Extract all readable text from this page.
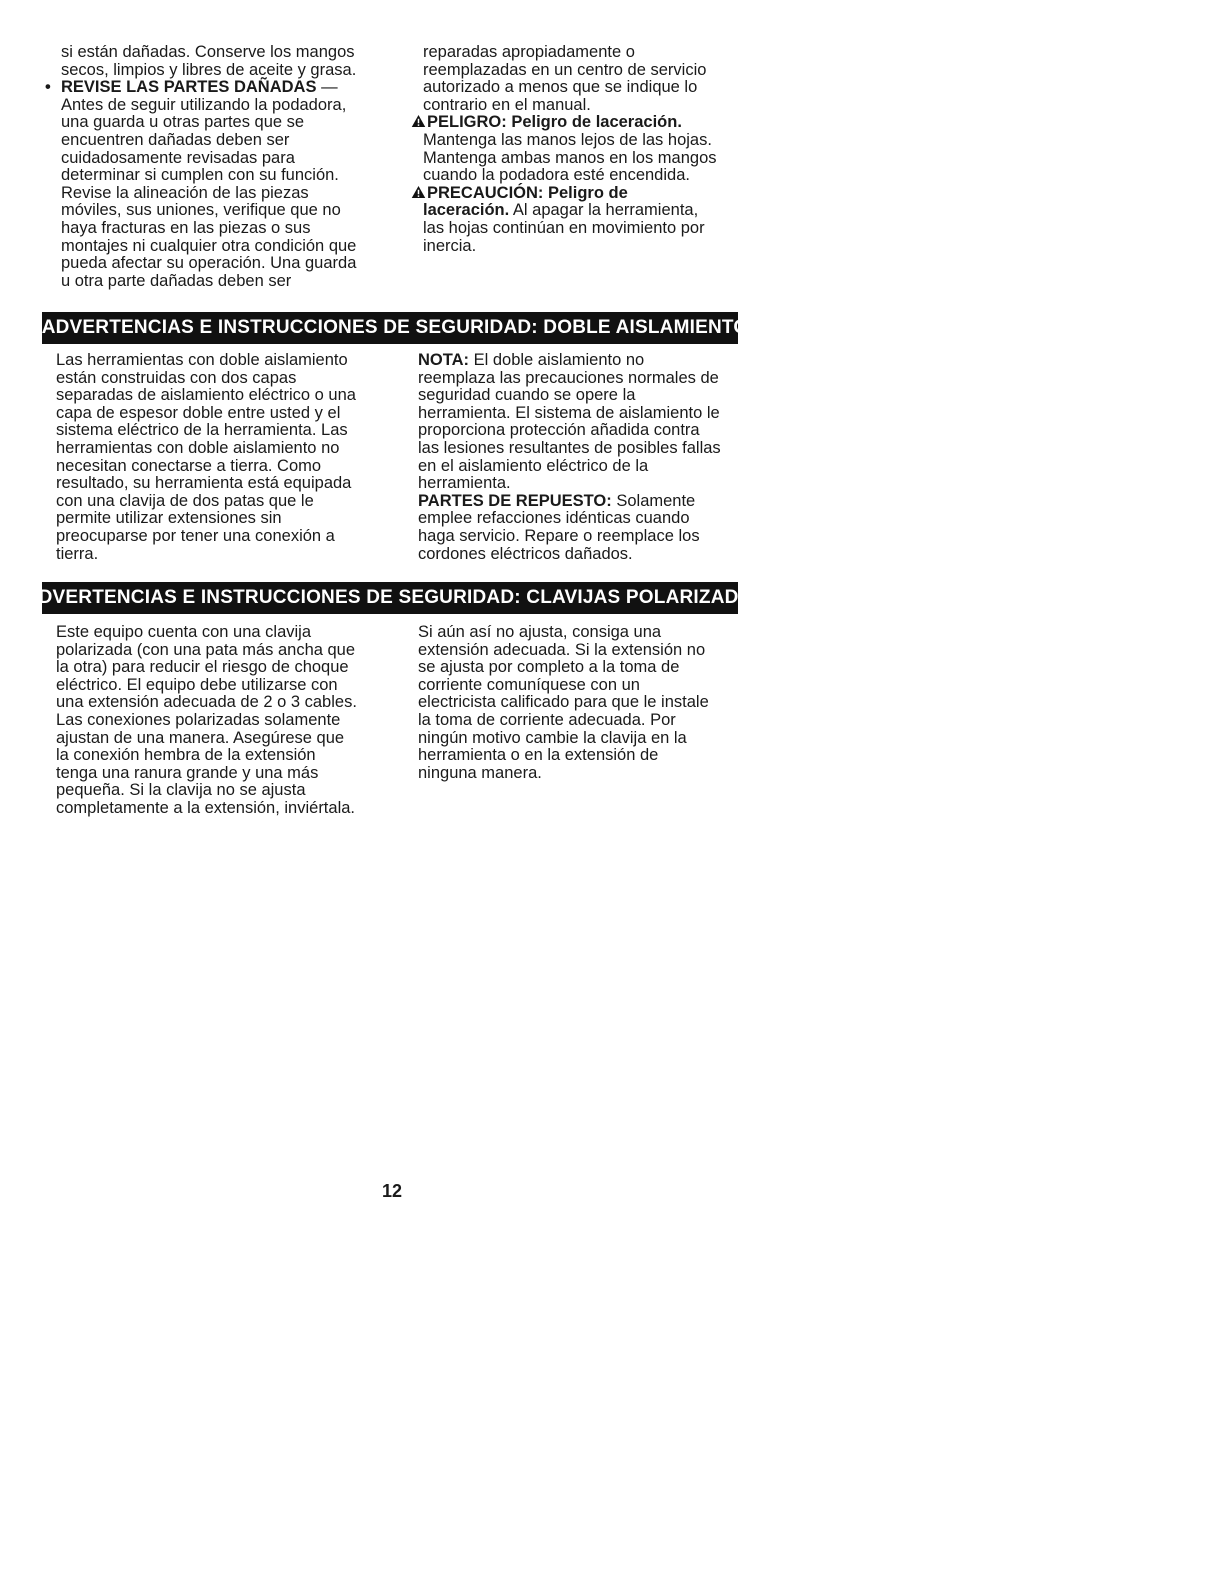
si están dañadas. Conserve los mangos
secos, limpios y libres de aceite y grasa.
• REVISE LAS PARTES DAÑADAS —
Antes de seguir utilizando la podadora,
una guarda u otras partes que se
encuentren dañadas deben ser
cuidadosamente revisadas para
determinar si cumplen con su función.
Revise la alineación de las piezas
móviles, sus uniones, verifique que no
haya fracturas en las piezas o sus
montajes ni cualquier otra condición que
pueda afectar su operación. Una guarda
u otra parte dañadas deben ser
reparadas apropiadamente o
reemplazadas en un centro de servicio
autorizado a menos que se indique lo
contrario en el manual.
PELIGRO: Peligro de laceración.
Mantenga las manos lejos de las hojas.
Mantenga ambas manos en los mangos
cuando la podadora esté encendida.
PRECAUCIÓN: Peligro de
laceración. Al apagar la herramienta,
las hojas continúan en movimiento por
inercia.
ADVERTENCIAS E INSTRUCCIONES DE SEGURIDAD: DOBLE AISLAMIENTO
Las herramientas con doble aislamiento
están construidas con dos capas
separadas de aislamiento eléctrico o una
capa de espesor doble entre usted y el
sistema eléctrico de la herramienta. Las
herramientas con doble aislamiento no
necesitan conectarse a tierra. Como
resultado, su herramienta está equipada
con una clavija de dos patas que le
permite utilizar extensiones sin
preocuparse por tener una conexión a
tierra.
NOTA: El doble aislamiento no
reemplaza las precauciones normales de
seguridad cuando se opere la
herramienta. El sistema de aislamiento le
proporciona protección añadida contra
las lesiones resultantes de posibles fallas
en el aislamiento eléctrico de la
herramienta.
PARTES DE REPUESTO: Solamente
emplee refacciones idénticas cuando
haga servicio. Repare o reemplace los
cordones eléctricos dañados.
ADVERTENCIAS E INSTRUCCIONES DE SEGURIDAD: CLAVIJAS POLARIZADAS
Este equipo cuenta con una clavija
polarizada (con una pata más ancha que
la otra) para reducir el riesgo de choque
eléctrico. El equipo debe utilizarse con
una extensión adecuada de 2 o 3 cables.
Las conexiones polarizadas solamente
ajustan de una manera. Asegúrese que
la conexión hembra de la extensión
tenga una ranura grande y una más
pequeña. Si la clavija no se ajusta
completamente a la extensión, inviértala.
Si aún así no ajusta, consiga una
extensión adecuada. Si la extensión no
se ajusta por completo a la toma de
corriente comuníquese con un
electricista calificado para que le instale
la toma de corriente adecuada. Por
ningún motivo cambie la clavija en la
herramienta o en la extensión de
ninguna manera.
12
